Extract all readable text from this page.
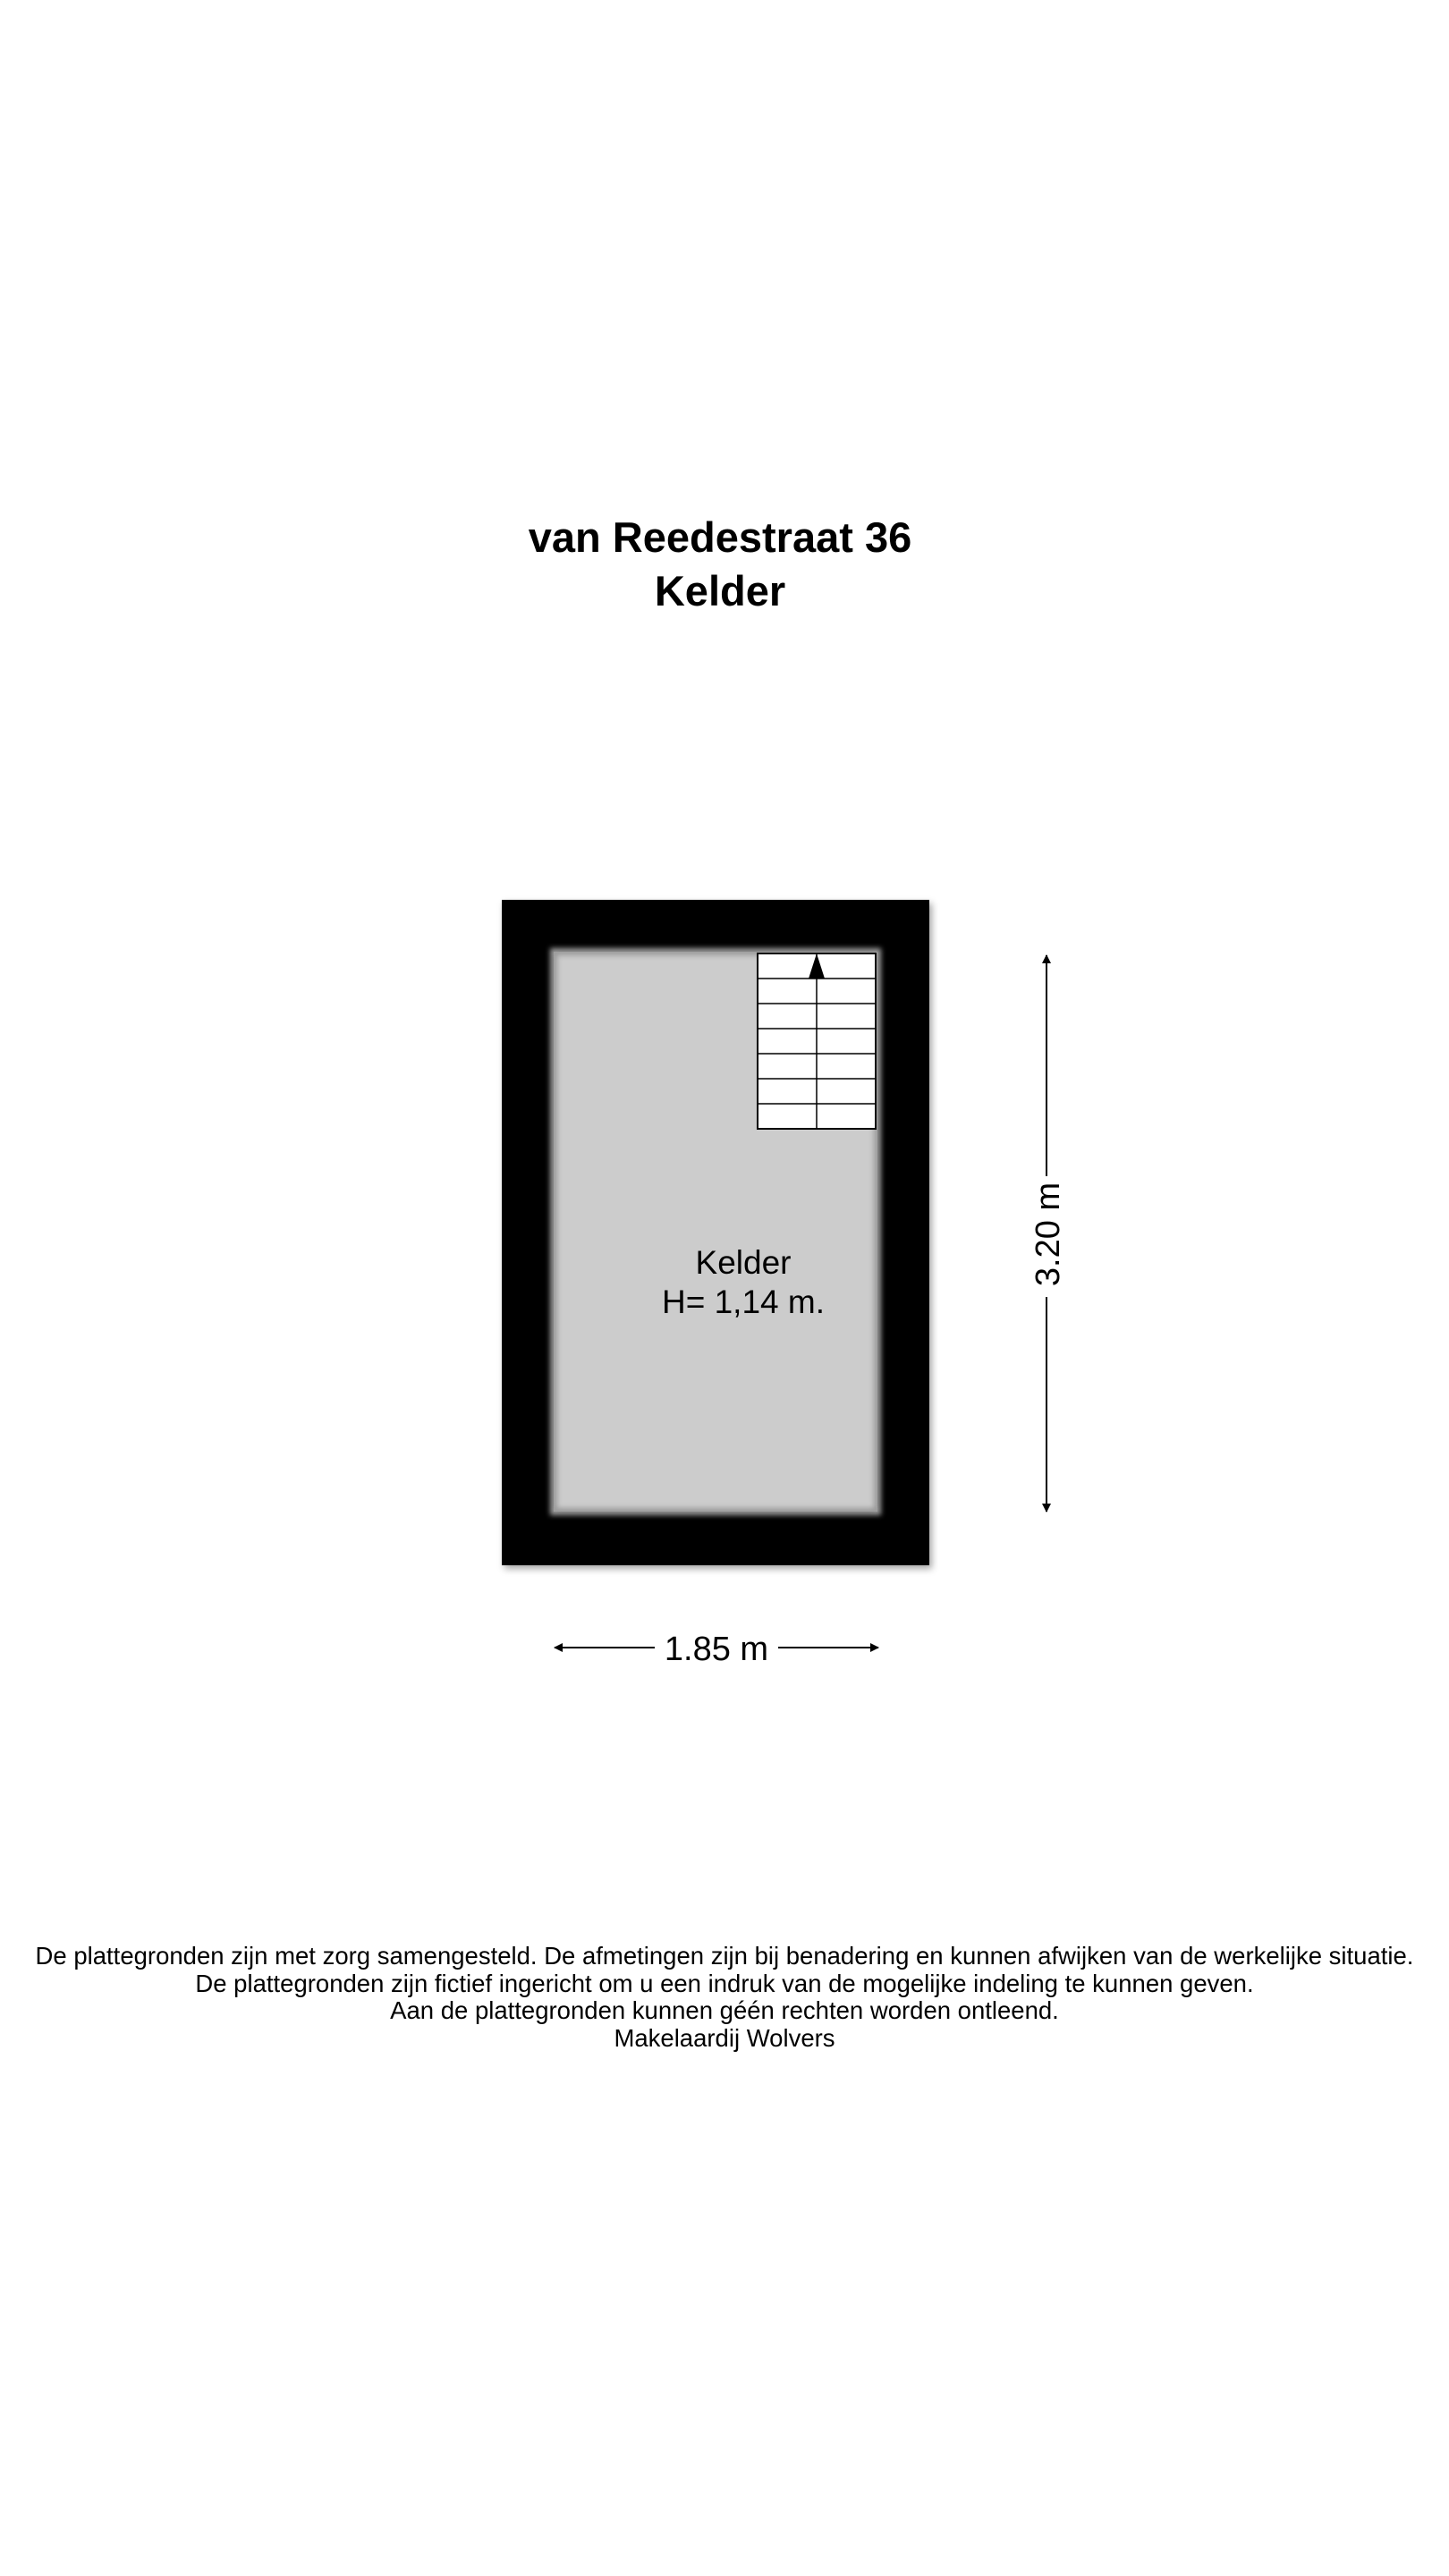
van Reedestraat 36
Kelder
Kelder
H= 1,14 m.
3.20 m
1.85 m
De plattegronden zijn met zorg samengesteld. De afmetingen zijn bij benadering en kunnen afwijken van de werkelijke situatie.
De plattegronden zijn fictief ingericht om u een indruk van de mogelijke indeling te kunnen geven.
Aan de plattegronden kunnen géén rechten worden ontleend.
Makelaardij Wolvers
